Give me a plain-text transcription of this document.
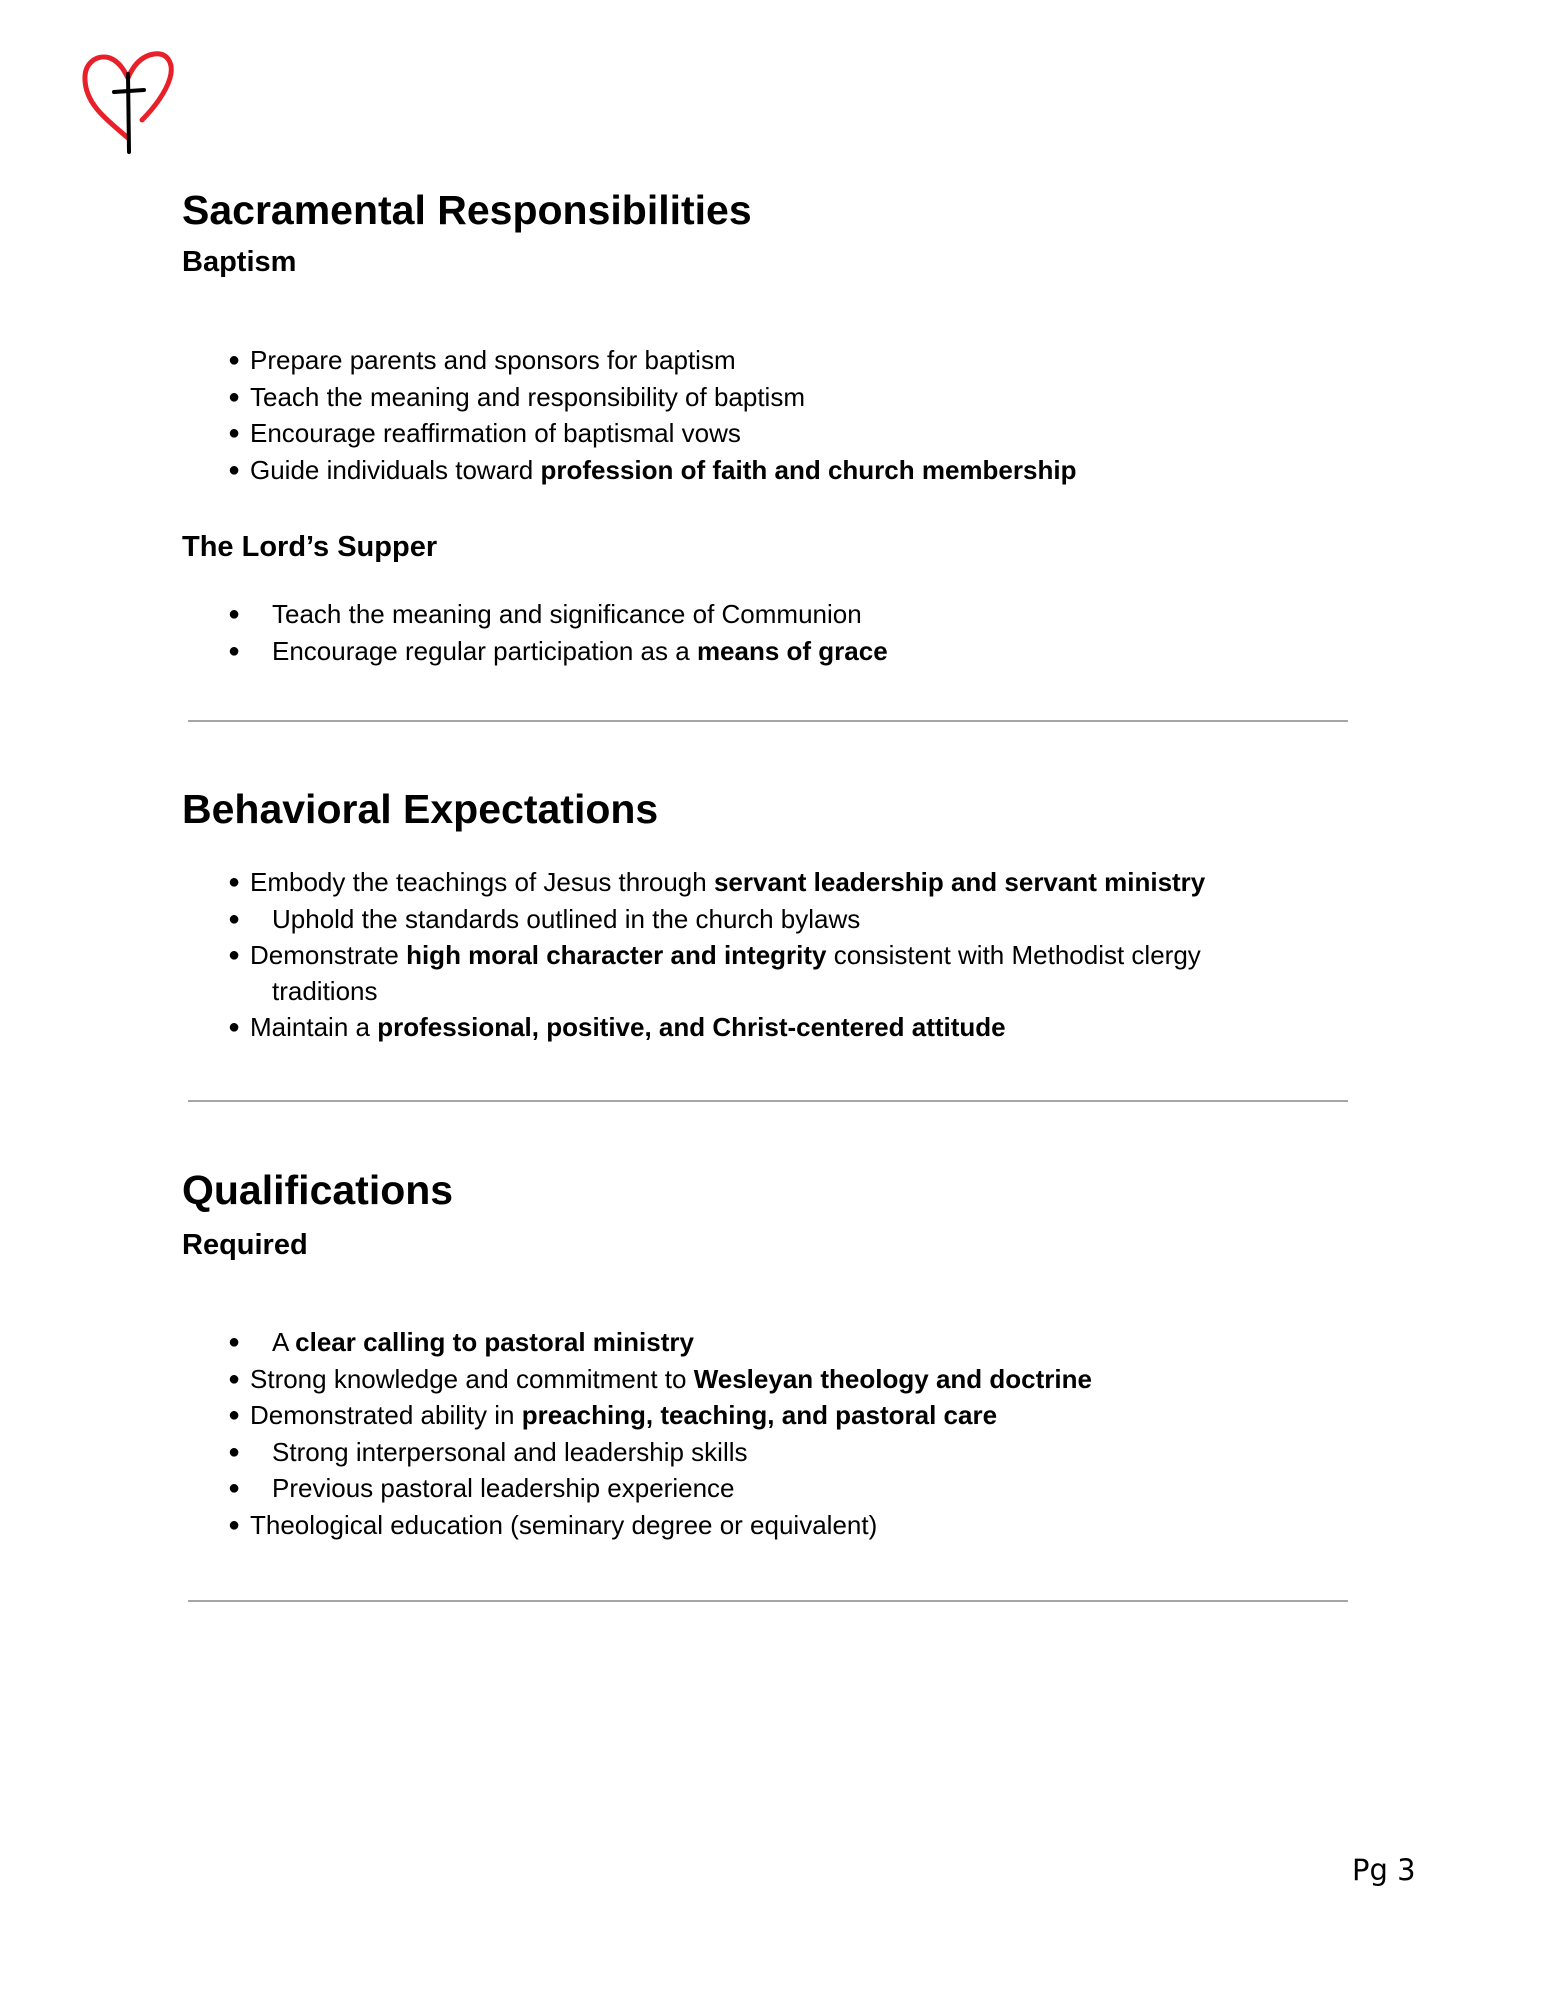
Sacramental Responsibilities
Baptism
● Prepare parents and sponsors for baptism
● Teach the meaning and responsibility of baptism
● Encourage reaffirmation of baptismal vows
● Guide individuals toward profession of faith and church membership
The Lord’s Supper
● Teach the meaning and significance of Communion
● Encourage regular participation as a means of grace
Behavioral Expectations
● Embody the teachings of Jesus through servant leadership and servant ministry
● Uphold the standards outlined in the church bylaws
● Demonstrate high moral character and integrity consistent with Methodist clergy
traditions
● Maintain a professional, positive, and Christ-centered attitude
Qualifications
Required
● A clear calling to pastoral ministry
● Strong knowledge and commitment to Wesleyan theology and doctrine
● Demonstrated ability in preaching, teaching, and pastoral care
● Strong interpersonal and leadership skills
● Previous pastoral leadership experience
● Theological education (seminary degree or equivalent)
Pg 3
